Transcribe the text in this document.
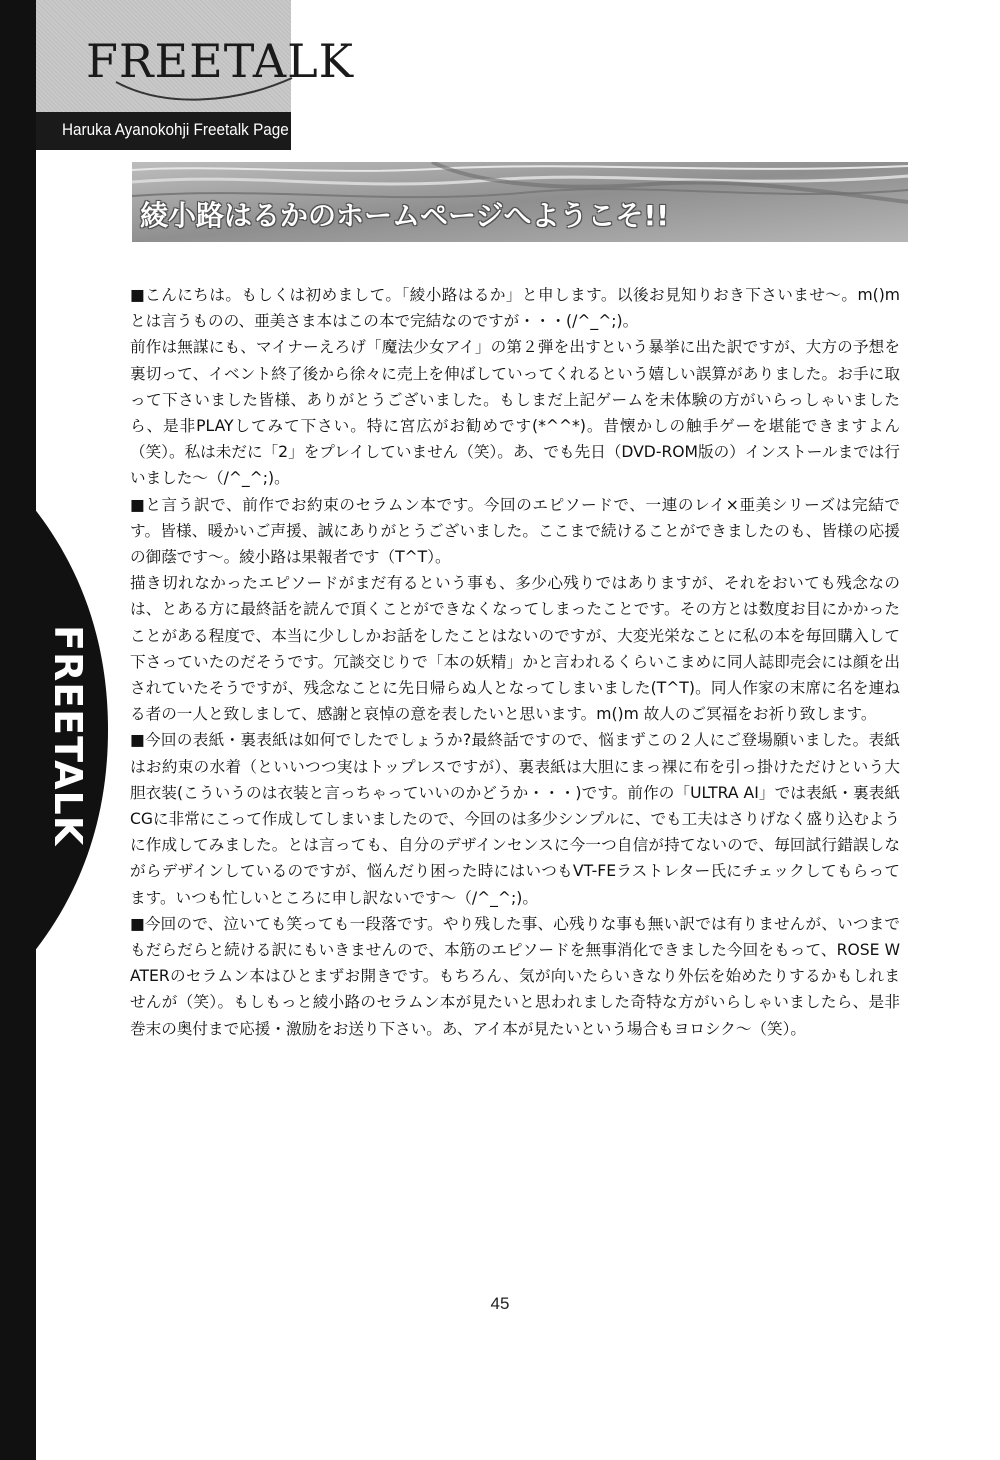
FREETALK
FREETALK
Haruka Ayanokohji Freetalk Page
綾小路はるかのホームページへようこそ!!

■こんにちは。もしくは初めまして。「綾小路はるか」と申します。以後お見知りおき下さいませ～。m()m とは言うものの、亜美さま本はこの本で完結なのですが・・・(/^_^;)。

前作は無謀にも、マイナーえろげ「魔法少女アイ」の第２弾を出すという暴挙に出た訳ですが、大方の予想を裏切って、イベント終了後から徐々に売上を伸ばしていってくれるという嬉しい誤算がありました。お手に取って下さいました皆様、ありがとうございました。もしまだ上記ゲームを未体験の方がいらっしゃいましたら、是非PLAYしてみて下さい。特に宮広がお勧めです(*^^*)。昔懐かしの触手ゲーを堪能できますよん（笑）。私は未だに「2」をプレイしていません（笑）。あ、でも先日（DVD-ROM版の）インストールまでは行いました～（/^_^;)。

■と言う訳で、前作でお約束のセラムン本です。今回のエピソードで、一連のレイ×亜美シリーズは完結です。皆様、暖かいご声援、誠にありがとうございました。ここまで続けることができましたのも、皆様の応援の御蔭です～。綾小路は果報者です（T^T）。

描き切れなかったエピソードがまだ有るという事も、多少心残りではありますが、それをおいても残念なのは、とある方に最終話を読んで頂くことができなくなってしまったことです。その方とは数度お目にかかったことがある程度で、本当に少ししかお話をしたことはないのですが、大変光栄なことに私の本を毎回購入して下さっていたのだそうです。冗談交じりで「本の妖精」かと言われるくらいこまめに同人誌即売会には顔を出されていたそうですが、残念なことに先日帰らぬ人となってしまいました(T^T)。同人作家の末席に名を連ねる者の一人と致しまして、感謝と哀悼の意を表したいと思います。m()m 故人のご冥福をお祈り致します。

■今回の表紙・裏表紙は如何でしたでしょうか?最終話ですので、悩まずこの２人にご登場願いました。表紙はお約束の水着（といいつつ実はトップレスですが）、裏表紙は大胆にまっ裸に布を引っ掛けただけという大胆衣装(こういうのは衣装と言っちゃっていいのかどうか・・・)です。前作の「ULTRA AI」では表紙・裏表紙CGに非常にこって作成してしまいましたので、今回のは多少シンプルに、でも工夫はさりげなく盛り込むように作成してみました。とは言っても、自分のデザインセンスに今一つ自信が持てないので、毎回試行錯誤しながらデザインしているのですが、悩んだり困った時にはいつもVT-FEラストレター氏にチェックしてもらってます。いつも忙しいところに申し訳ないです～（/^_^;)。

■今回ので、泣いても笑っても一段落です。やり残した事、心残りな事も無い訳では有りませんが、いつまでもだらだらと続ける訳にもいきませんので、本筋のエピソードを無事消化できました今回をもって、ROSE WATERのセラムン本はひとまずお開きです。もちろん、気が向いたらいきなり外伝を始めたりするかもしれませんが（笑）。もしもっと綾小路のセラムン本が見たいと思われました奇特な方がいらしゃいましたら、是非巻末の奥付まで応援・激励をお送り下さい。あ、アイ本が見たいという場合もヨロシク～（笑）。

45
